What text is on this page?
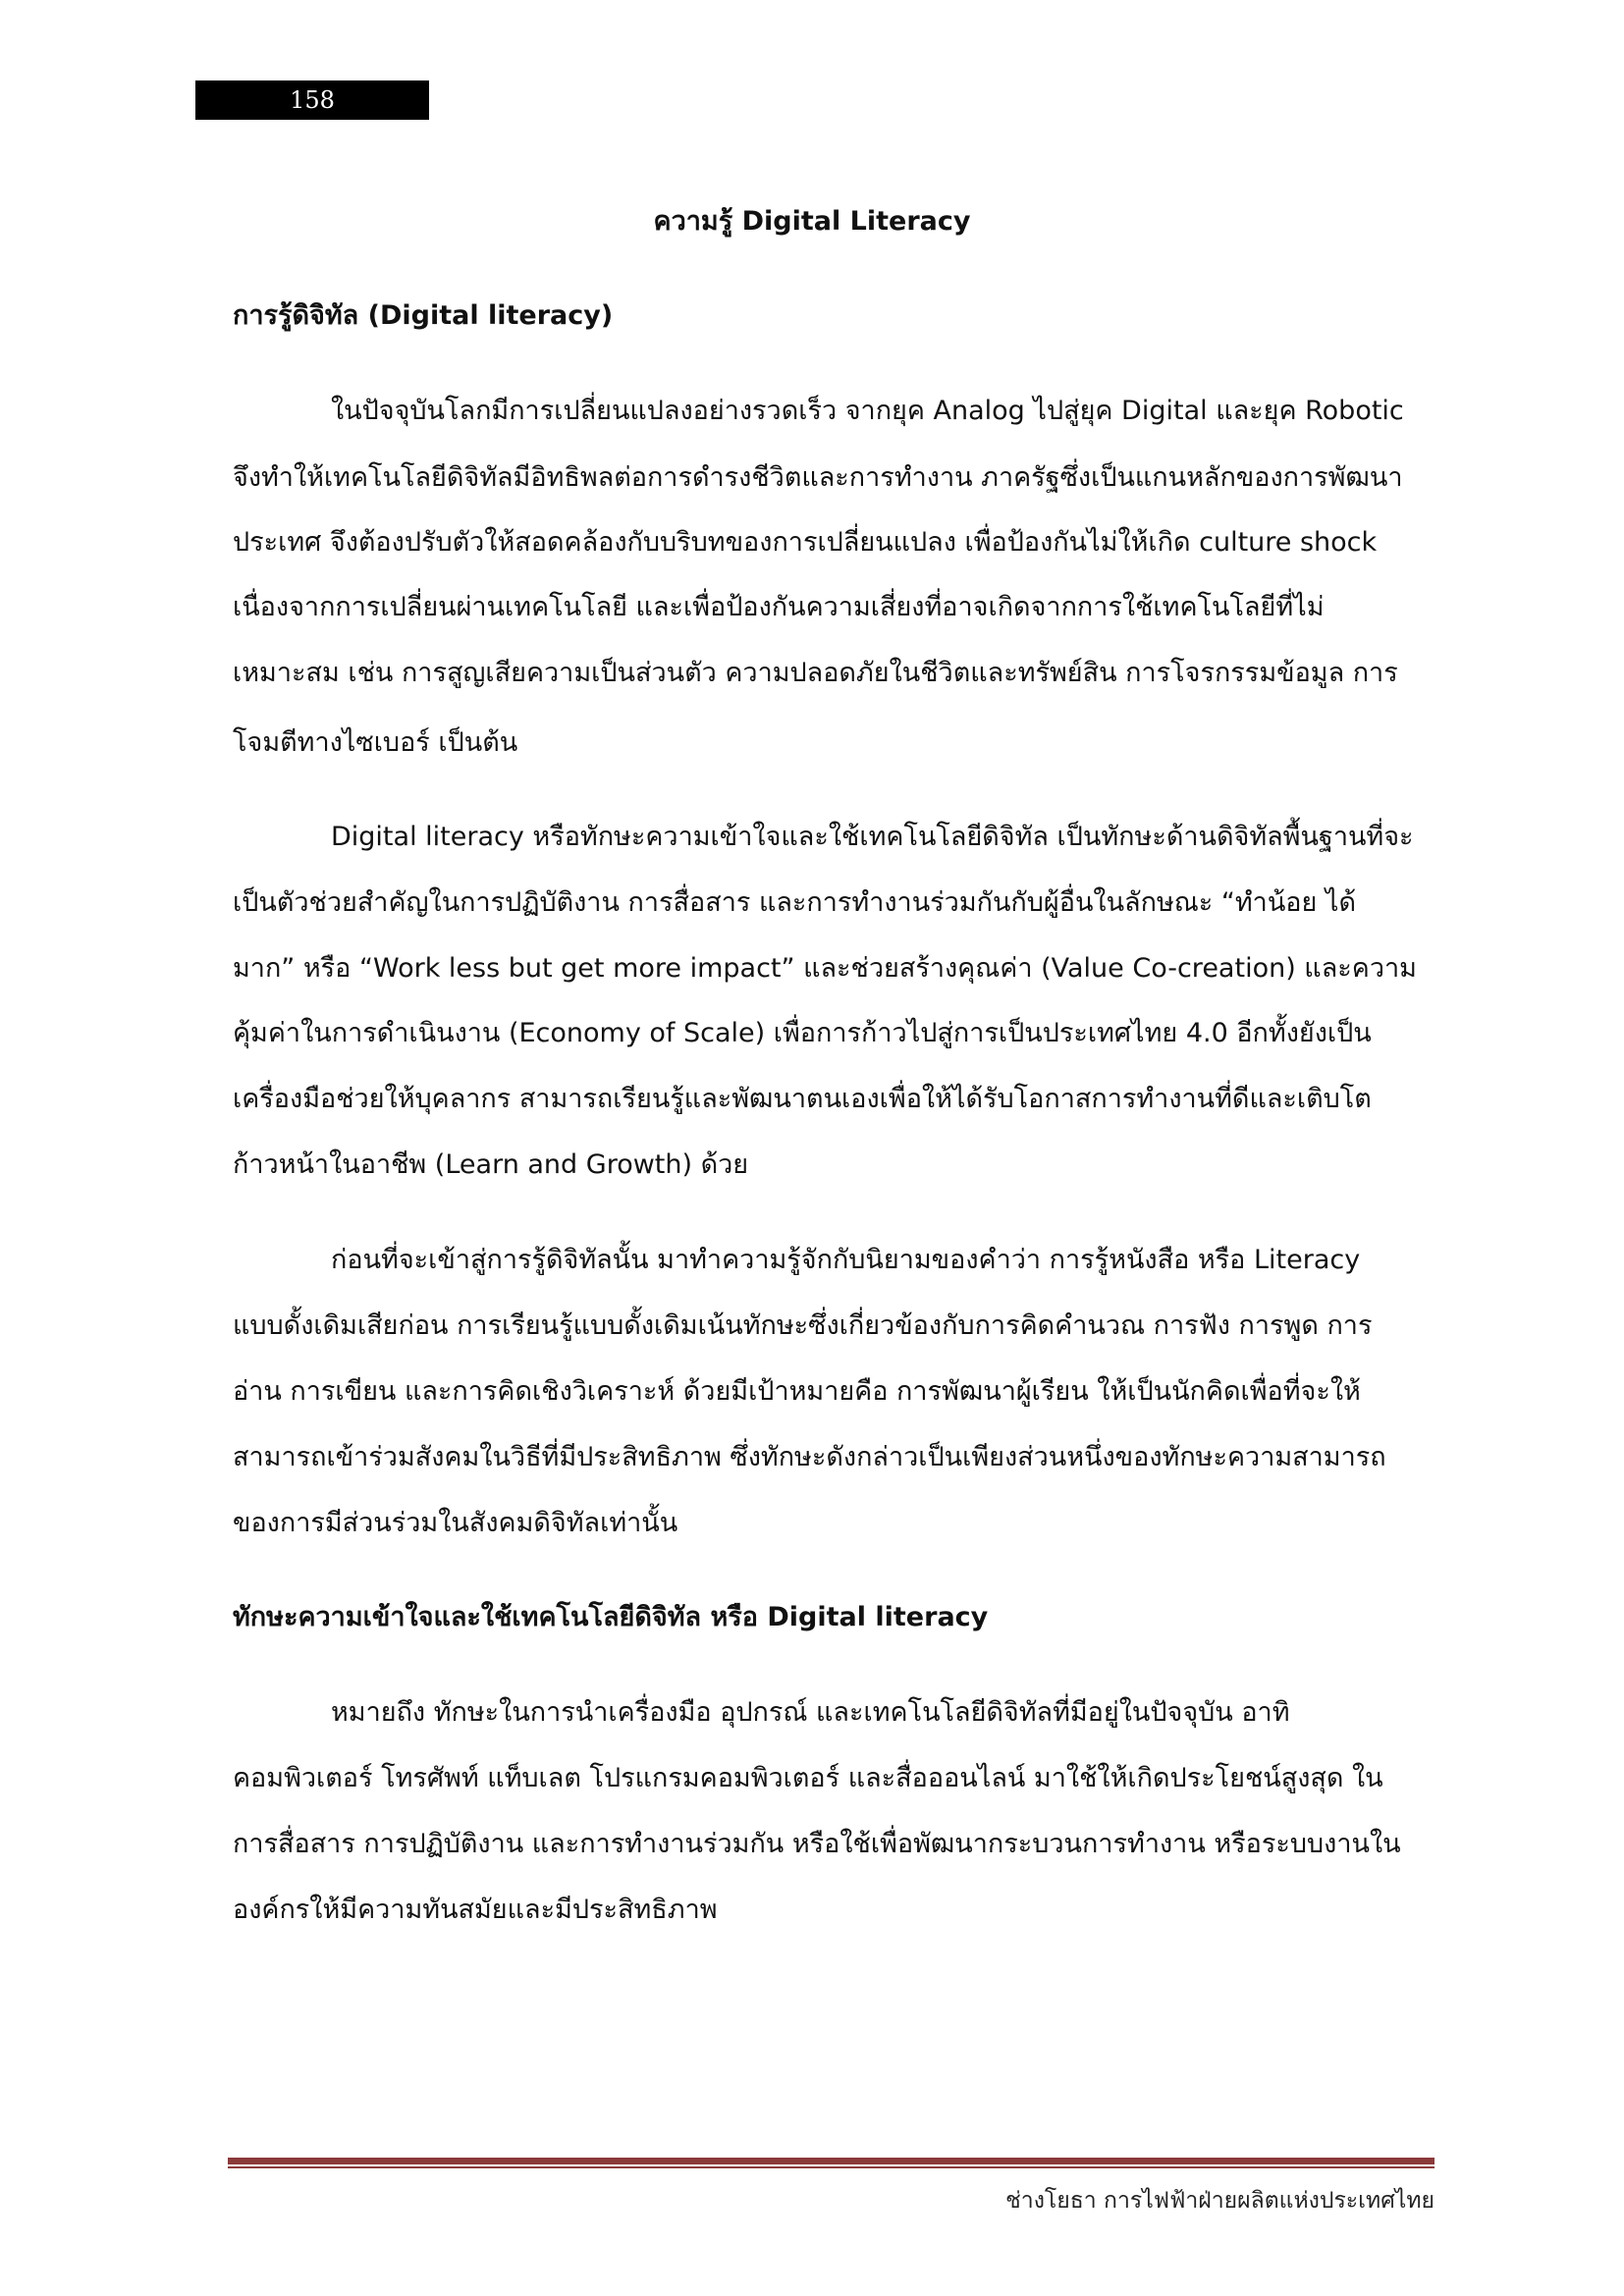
158
ความรู้ Digital Literacy
การรู้ดิจิทัล (Digital literacy)
ในปัจจุบันโลกมีการเปลี่ยนแปลงอย่างรวดเร็ว จากยุค Analog ไปสู่ยุค Digital และยุค Robotic
จึงทำให้เทคโนโลยีดิจิทัลมีอิทธิพลต่อการดำรงชีวิตและการทำงาน ภาครัฐซึ่งเป็นแกนหลักของการพัฒนา
ประเทศ จึงต้องปรับตัวให้สอดคล้องกับบริบทของการเปลี่ยนแปลง เพื่อป้องกันไม่ให้เกิด culture shock
เนื่องจากการเปลี่ยนผ่านเทคโนโลยี และเพื่อป้องกันความเสี่ยงที่อาจเกิดจากการใช้เทคโนโลยีที่ไม่
เหมาะสม เช่น การสูญเสียความเป็นส่วนตัว ความปลอดภัยในชีวิตและทรัพย์สิน การโจรกรรมข้อมูล การ
โจมตีทางไซเบอร์ เป็นต้น
Digital literacy หรือทักษะความเข้าใจและใช้เทคโนโลยีดิจิทัล เป็นทักษะด้านดิจิทัลพื้นฐานที่จะ
เป็นตัวช่วยสำคัญในการปฏิบัติงาน การสื่อสาร และการทำงานร่วมกันกับผู้อื่นในลักษณะ “ทำน้อย ได้
มาก” หรือ “Work less but get more impact” และช่วยสร้างคุณค่า (Value Co-creation) และความ
คุ้มค่าในการดำเนินงาน (Economy of Scale) เพื่อการก้าวไปสู่การเป็นประเทศไทย 4.0 อีกทั้งยังเป็น
เครื่องมือช่วยให้บุคลากร สามารถเรียนรู้และพัฒนาตนเองเพื่อให้ได้รับโอกาสการทำงานที่ดีและเติบโต
ก้าวหน้าในอาชีพ (Learn and Growth) ด้วย
ก่อนที่จะเข้าสู่การรู้ดิจิทัลนั้น มาทำความรู้จักกับนิยามของคำว่า การรู้หนังสือ หรือ Literacy
แบบดั้งเดิมเสียก่อน การเรียนรู้แบบดั้งเดิมเน้นทักษะซึ่งเกี่ยวข้องกับการคิดคำนวณ การฟัง การพูด การ
อ่าน การเขียน และการคิดเชิงวิเคราะห์ ด้วยมีเป้าหมายคือ การพัฒนาผู้เรียน ให้เป็นนักคิดเพื่อที่จะให้
สามารถเข้าร่วมสังคมในวิธีที่มีประสิทธิภาพ ซึ่งทักษะดังกล่าวเป็นเพียงส่วนหนึ่งของทักษะความสามารถ
ของการมีส่วนร่วมในสังคมดิจิทัลเท่านั้น
ทักษะความเข้าใจและใช้เทคโนโลยีดิจิทัล หรือ Digital literacy
หมายถึง ทักษะในการนำเครื่องมือ อุปกรณ์ และเทคโนโลยีดิจิทัลที่มีอยู่ในปัจจุบัน อาทิ
คอมพิวเตอร์ โทรศัพท์ แท็บเลต โปรแกรมคอมพิวเตอร์ และสื่อออนไลน์ มาใช้ให้เกิดประโยชน์สูงสุด ใน
การสื่อสาร การปฏิบัติงาน และการทำงานร่วมกัน หรือใช้เพื่อพัฒนากระบวนการทำงาน หรือระบบงานใน
องค์กรให้มีความทันสมัยและมีประสิทธิภาพ
ช่างโยธา การไฟฟ้าฝ่ายผลิตแห่งประเทศไทย
